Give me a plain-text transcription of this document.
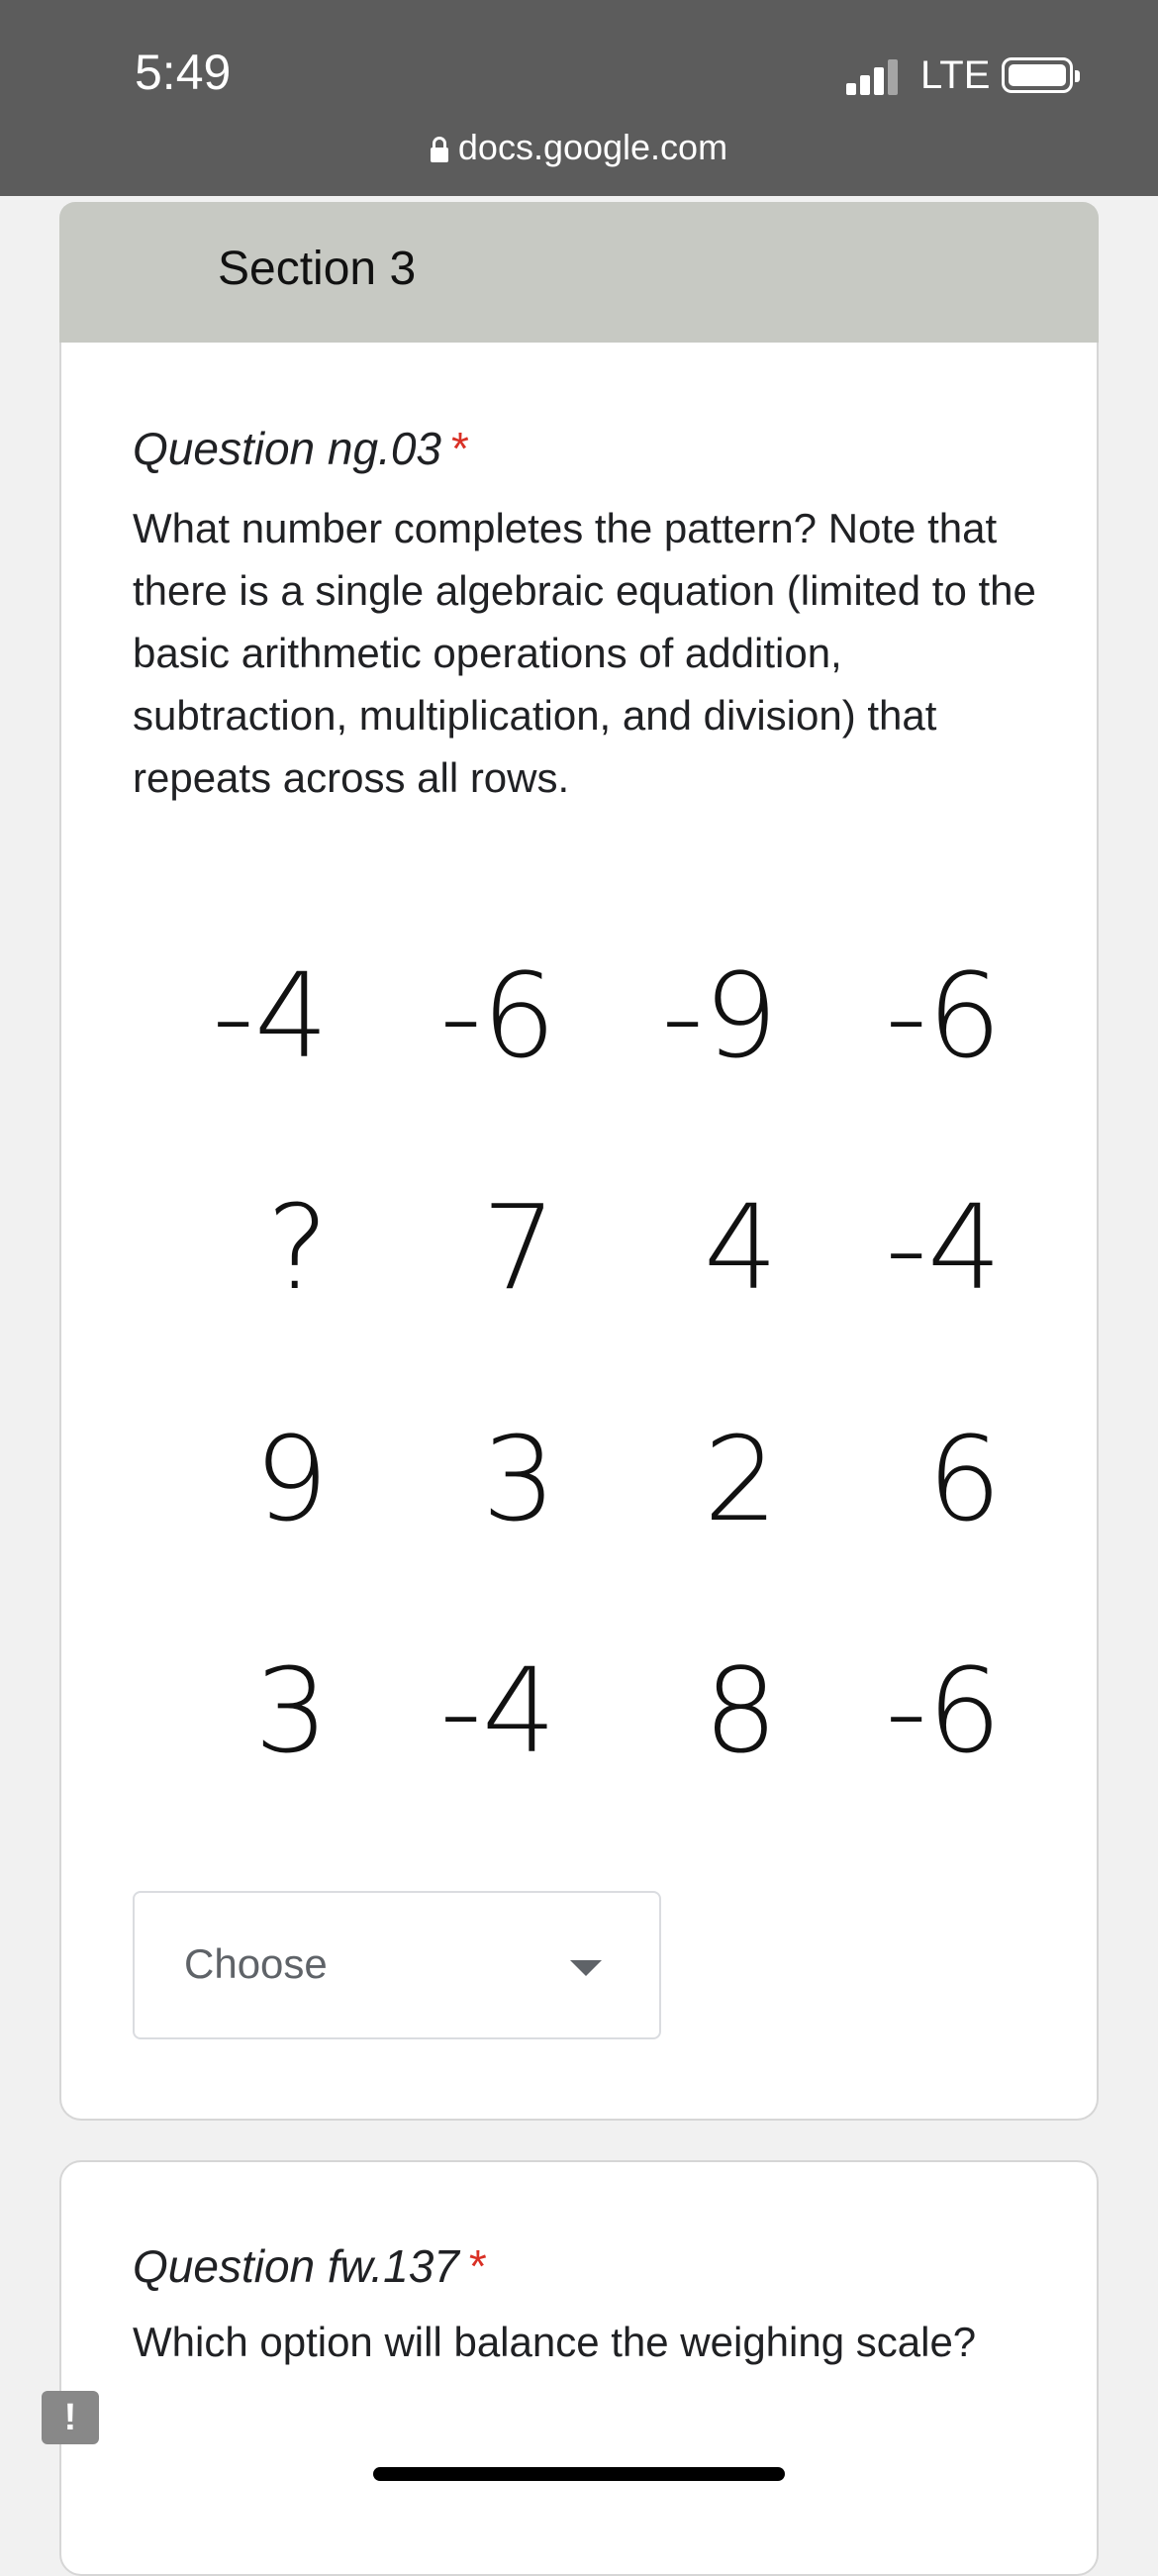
5:49	LTE
docs.google.com
Section 3
Question ng.03 *
What number completes the pattern? Note that there is a single algebraic equation (limited to the basic arithmetic operations of addition, subtraction, multiplication, and division) that repeats across all rows.
-4 -6 -9 -6
?	7	4 -4
9	3	2	6
3 -4	8 -6
Choose
Question fw.137 *
Which option will balance the weighing scale?
!
